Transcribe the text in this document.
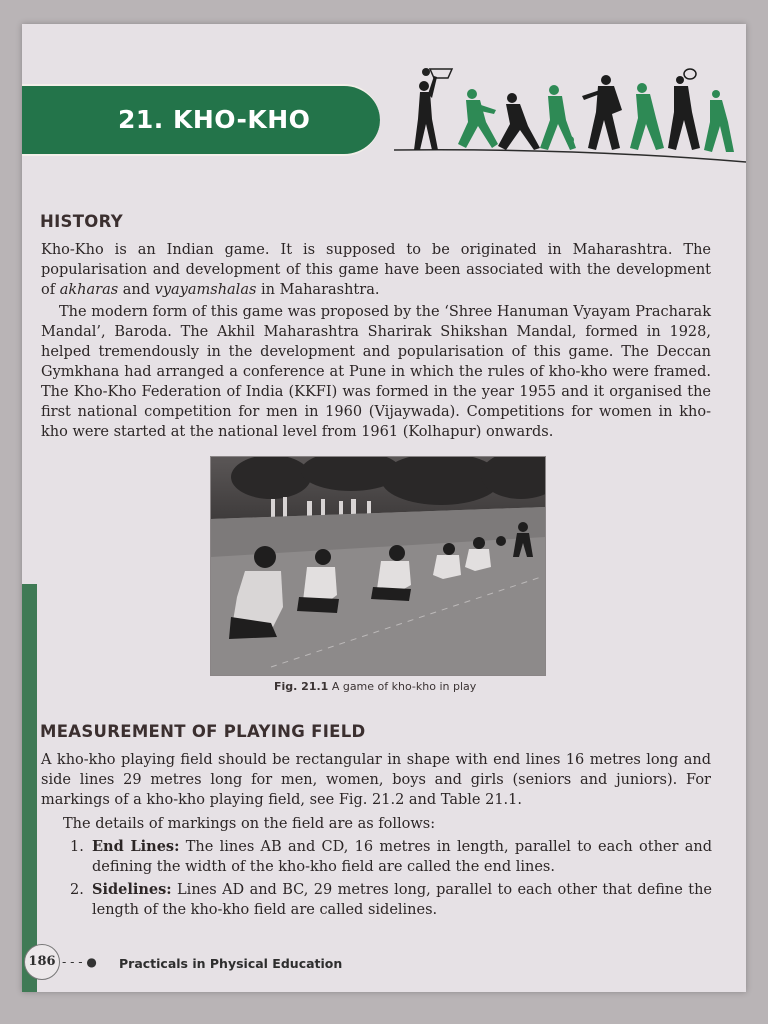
21. KHO-KHO
HISTORY

Kho-Kho is an Indian game. It is supposed to be originated in Maharashtra. The popularisation and development of this game have been associated with the development of akharas and vyayamshalas in Maharashtra.

The modern form of this game was proposed by the ‘Shree Hanuman Vyayam Pracharak Mandal’, Baroda. The Akhil Maharashtra Sharirak Shikshan Mandal, formed in 1928, helped tremendously in the development and popularisation of this game. The Deccan Gymkhana had arranged a conference at Pune in which the rules of kho-kho were framed. The Kho-Kho Federation of India (KKFI) was formed in the year 1955 and it organised the first national competition for men in 1960 (Vijaywada). Competitions for women in kho-kho were started at the national level from 1961 (Kolhapur) onwards.

Fig. 21.1 A game of kho-kho in play
MEASUREMENT OF PLAYING FIELD

A kho-kho playing field should be rectangular in shape with end lines 16 metres long and side lines 29 metres long for men, women, boys and girls (seniors and juniors). For markings of a kho-kho playing field, see Fig. 21.2 and Table 21.1.

The details of markings on the field are as follows:

1. End Lines: The lines AB and CD, 16 metres in length, parallel to each other and defining the width of the kho-kho field are called the end lines.
2. Sidelines: Lines AD and BC, 29 metres long, parallel to each other that define the length of the kho-kho field are called sidelines.
186 - - - ● Practicals in Physical Education
